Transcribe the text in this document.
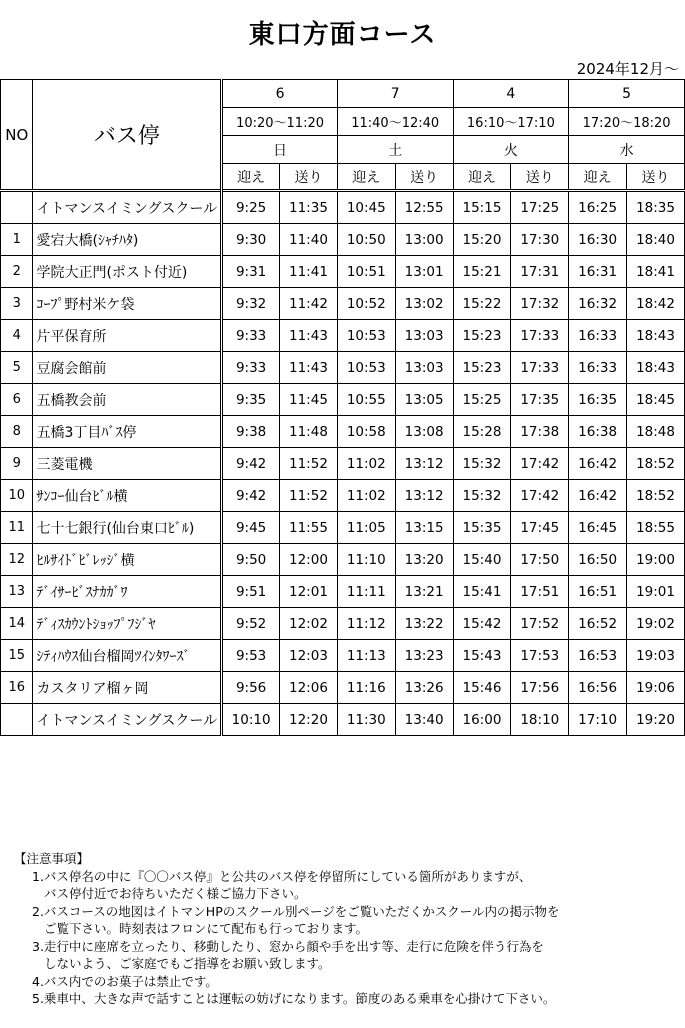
東口方面コース
2024年12月～
NO	バス停	6		7		4		5	
		10:20～11:20		11:40～12:40		16:10～17:10		17:20～18:20	
		日		土		火		水	
		迎え	送り	迎え	送り	迎え	送り	迎え	送り
	イトマンスイミングスクール	9:25	11:35	10:45	12:55	15:15	17:25	16:25	18:35
1	愛宕大橋(ｼｬﾁﾊﾀ)	9:30	11:40	10:50	13:00	15:20	17:30	16:30	18:40
2	学院大正門(ポスト付近)	9:31	11:41	10:51	13:01	15:21	17:31	16:31	18:41
3	ｺｰﾌﾟ野村米ケ袋	9:32	11:42	10:52	13:02	15:22	17:32	16:32	18:42
4	片平保育所	9:33	11:43	10:53	13:03	15:23	17:33	16:33	18:43
5	豆腐会館前	9:33	11:43	10:53	13:03	15:23	17:33	16:33	18:43
6	五橋教会前	9:35	11:45	10:55	13:05	15:25	17:35	16:35	18:45
8	五橋3丁目ﾊﾞｽ停	9:38	11:48	10:58	13:08	15:28	17:38	16:38	18:48
9	三菱電機	9:42	11:52	11:02	13:12	15:32	17:42	16:42	18:52
10	ｻﾝｺｰ仙台ﾋﾞﾙ横	9:42	11:52	11:02	13:12	15:32	17:42	16:42	18:52
11	七十七銀行(仙台東口ﾋﾞﾙ)	9:45	11:55	11:05	13:15	15:35	17:45	16:45	18:55
12	ﾋﾙｻｲﾄﾞﾋﾞﾚｯｼﾞ横	9:50	12:00	11:10	13:20	15:40	17:50	16:50	19:00
13	ﾃﾞｲｻｰﾋﾞｽﾅｶｶﾞﾜ	9:51	12:01	11:11	13:21	15:41	17:51	16:51	19:01
14	ﾃﾞｨｽｶｳﾝﾄｼｮｯﾌﾟﾌｼﾞﾔ	9:52	12:02	11:12	13:22	15:42	17:52	16:52	19:02
15	ｼﾃｨﾊｳｽ仙台榴岡ﾂｲﾝﾀﾜｰｽﾞ	9:53	12:03	11:13	13:23	15:43	17:53	16:53	19:03
16	カスタリア榴ヶ岡	9:56	12:06	11:16	13:26	15:46	17:56	16:56	19:06
	イトマンスイミングスクール	10:10	12:20	11:30	13:40	16:00	18:10	17:10	19:20
【注意事項】
1.バス停名の中に『〇〇バス停』と公共のバス停を停留所にしている箇所がありますが、
バス停付近でお待ちいただく様ご協力下さい。
2.バスコースの地図はイトマンHPのスクール別ページをご覧いただくかスクール内の掲示物を
ご覧下さい。時刻表はフロンにて配布も行っております。
3.走行中に座席を立ったり、移動したり、窓から顔や手を出す等、走行に危険を伴う行為を
しないよう、ご家庭でもご指導をお願い致します。
4.バス内でのお菓子は禁止です。
5.乗車中、大きな声で話すことは運転の妨げになります。節度のある乗車を心掛けて下さい。
